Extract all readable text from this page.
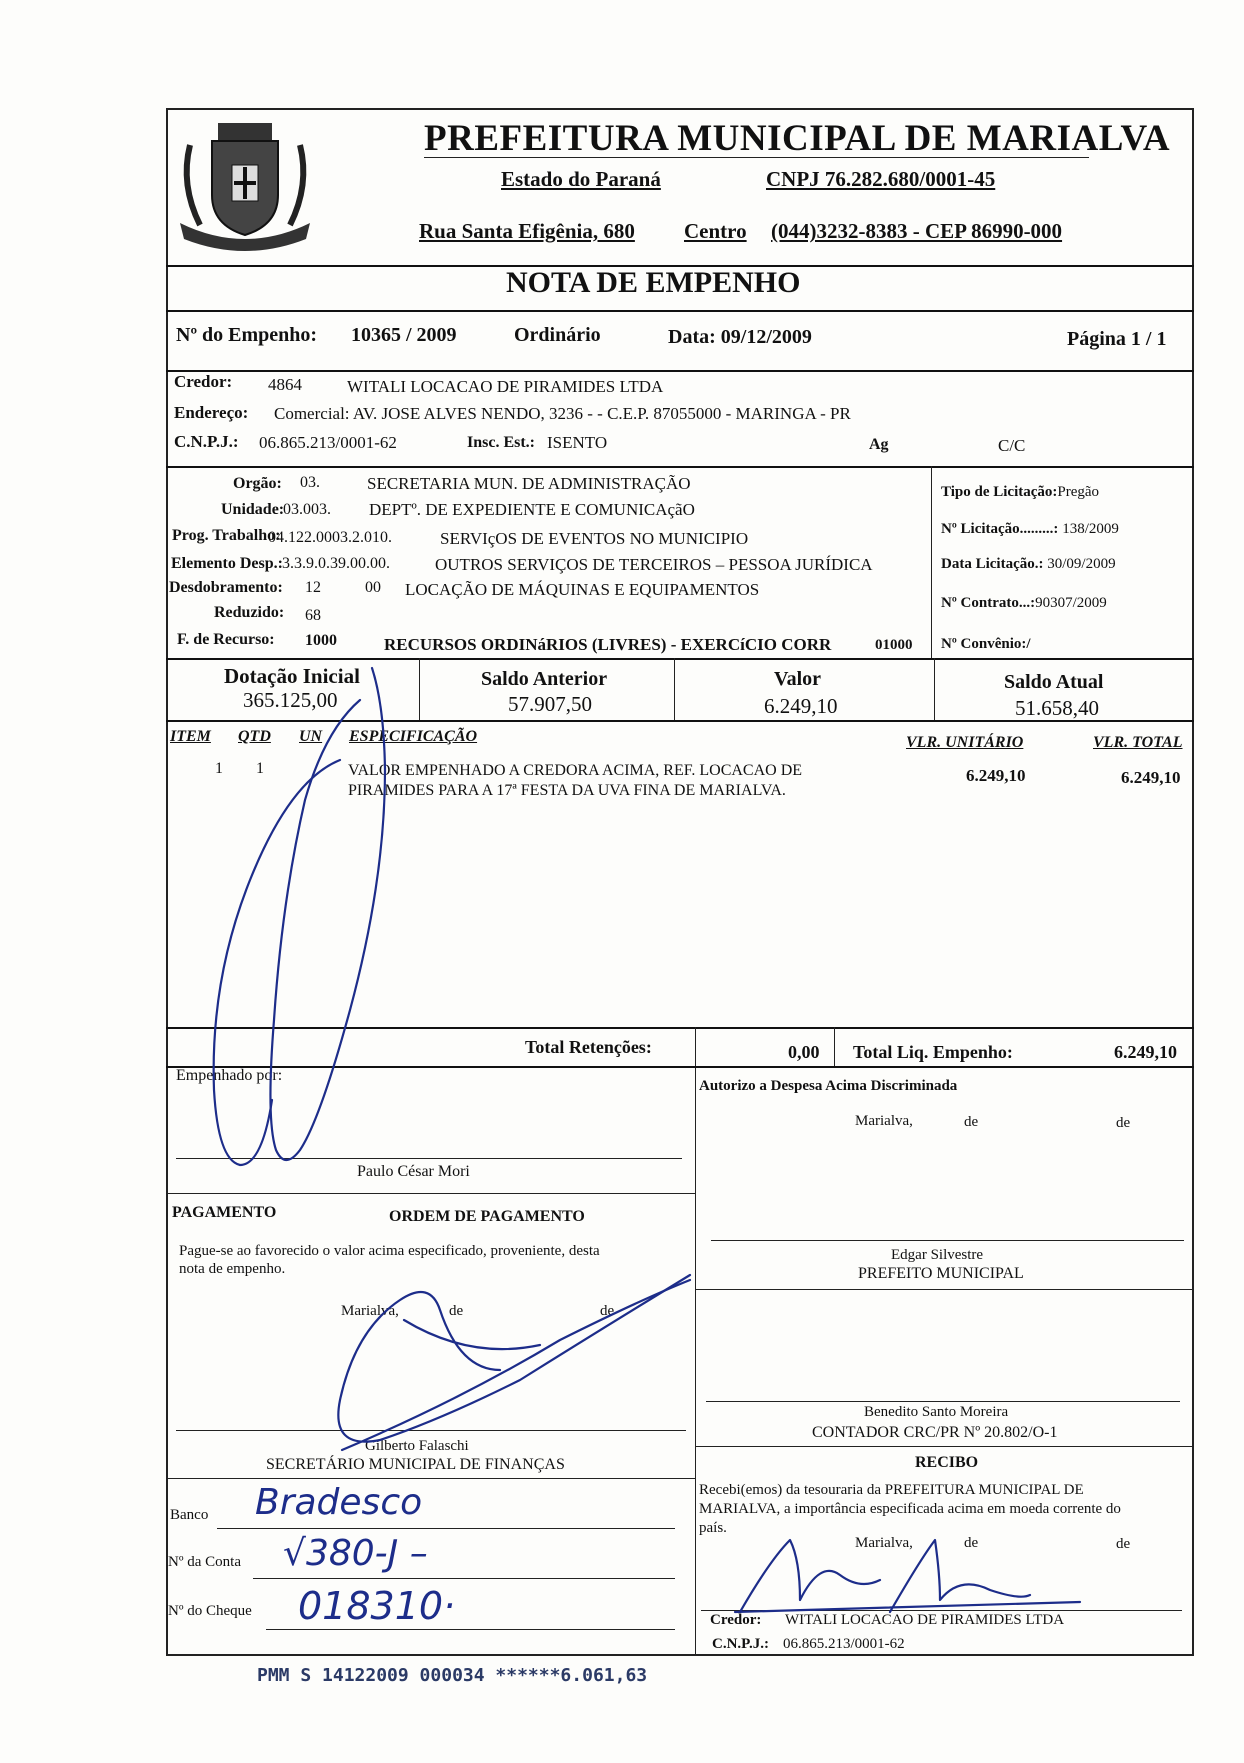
PREFEITURA MUNICIPAL DE MARIALVA
Estado do Paraná	CNPJ 76.282.680/0001-45
Rua Santa Efigênia, 680 Centro (044)3232-8383 - CEP 86990-000
NOTA DE EMPENHO
Nº do Empenho: 10365 / 2009	Ordinário	Data: 09/12/2009	Página 1 / 1
Credor: 4864	WITALI LOCACAO DE PIRAMIDES LTDA
Endereço: Comercial: AV. JOSE ALVES NENDO, 3236 - - C.E.P. 87055000 - MARINGA - PR
C.N.P.J.: 06.865.213/0001-62	Insc. Est.: ISENTO	Ag	C/C
Orgão: 03.	SECRETARIA MUN. DE ADMINISTRAÇÃO
Unidade:
03.003. DEPTº. DE EXPEDIENTE E COMUNICAçãO
Prog. Trabalho:
04.122.0003.2.010.	SERVIçOS DE EVENTOS NO MUNICIPIO
Elemento Desp.: 3.3.9.0.39.00.00.	OUTROS SERVIÇOS DE TERCEIROS – PESSOA JURÍDICA
Desdobramento: 12	00 LOCAÇÃO DE MÁQUINAS E EQUIPAMENTOS
Reduzido: 68
F. de Recurso: 1000	RECURSOS ORDINáRIOS (LIVRES) - EXERCíCIO CORR	01000
Tipo de Licitação:Pregão
Nº Licitação.........: 138/2009
Data Licitação.: 30/09/2009
Nº Contrato...:90307/2009
Nº Convênio:/
Dotação Inicial
365.125,00
Saldo Anterior
57.907,50
Valor
6.249,10
Saldo Atual
51.658,40
ITEM QTD UN ESPECIFICAÇÃO	VLR. UNITÁRIO	VLR. TOTAL
1 1	VALOR EMPENHADO A CREDORA ACIMA, REF. LOCACAO DE
PIRAMIDES PARA A 17ª FESTA DA UVA FINA DE MARIALVA.
6.249,10	6.249,10
Total Retenções:	0,00 Total Liq. Empenho:	6.249,10
Empenhado por:
Paulo César Mori
PAGAMENTO	ORDEM DE PAGAMENTO
Pague-se ao favorecido o valor acima especificado, proveniente, desta
nota de empenho.
Marialva,	de	de
Gilberto Falaschi
SECRETÁRIO MUNICIPAL DE FINANÇAS
Banco Bradesco
Nº da Conta √380-J –
Nº do Cheque 018310·
Autorizo a Despesa Acima Discriminada
Marialva,	de	de
Edgar Silvestre
PREFEITO MUNICIPAL
Benedito Santo Moreira
CONTADOR CRC/PR Nº 20.802/O-1
RECIBO
Recebi(emos) da tesouraria da PREFEITURA MUNICIPAL DE
MARIALVA, a importância especificada acima em moeda corrente do
país.
Marialva,	de	de
Credor: WITALI LOCACAO DE PIRAMIDES LTDA
C.N.P.J.: 06.865.213/0001-62
PMM S 14122009 000034 ******6.061,63
